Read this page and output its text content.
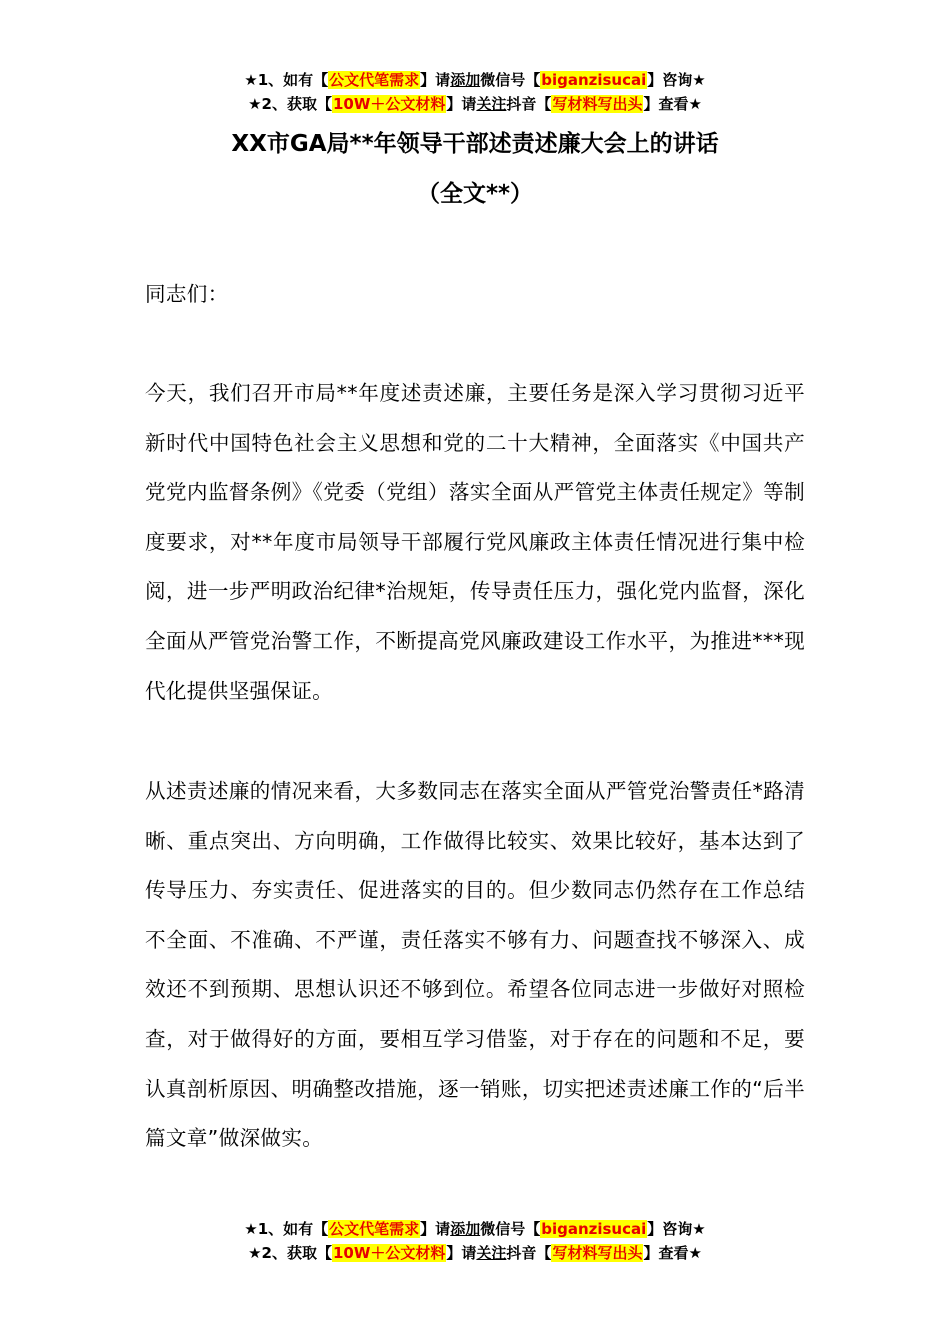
★1、如有【公文代笔需求】请添加微信号【biganzisucai】咨询★
★2、获取【10W＋公文材料】请关注抖音【写材料写出头】查看★
XX市GA局**年领导干部述责述廉大会上的讲话
（全文**）
同志们：
今天，我们召开市局**年度述责述廉，主要任务是深入学习贯彻习近平新时代中国特色社会主义思想和党的二十大精神，全面落实《中国共产党党内监督条例》《党委（党组）落实全面从严管党主体责任规定》等制度要求，对**年度市局领导干部履行党风廉政主体责任情况进行集中检阅，进一步严明政治纪律*治规矩，传导责任压力，强化党内监督，深化全面从严管党治警工作，不断提高党风廉政建设工作水平，为推进***现代化提供坚强保证。
从述责述廉的情况来看，大多数同志在落实全面从严管党治警责任*路清晰、重点突出、方向明确，工作做得比较实、效果比较好，基本达到了传导压力、夯实责任、促进落实的目的。但少数同志仍然存在工作总结不全面、不准确、不严谨，责任落实不够有力、问题查找不够深入、成效还不到预期、思想认识还不够到位。希望各位同志进一步做好对照检查，对于做得好的方面，要相互学习借鉴，对于存在的问题和不足，要认真剖析原因、明确整改措施，逐一销账，切实把述责述廉工作的“后半篇文章”做深做实。
★1、如有【公文代笔需求】请添加微信号【biganzisucai】咨询★
★2、获取【10W＋公文材料】请关注抖音【写材料写出头】查看★
